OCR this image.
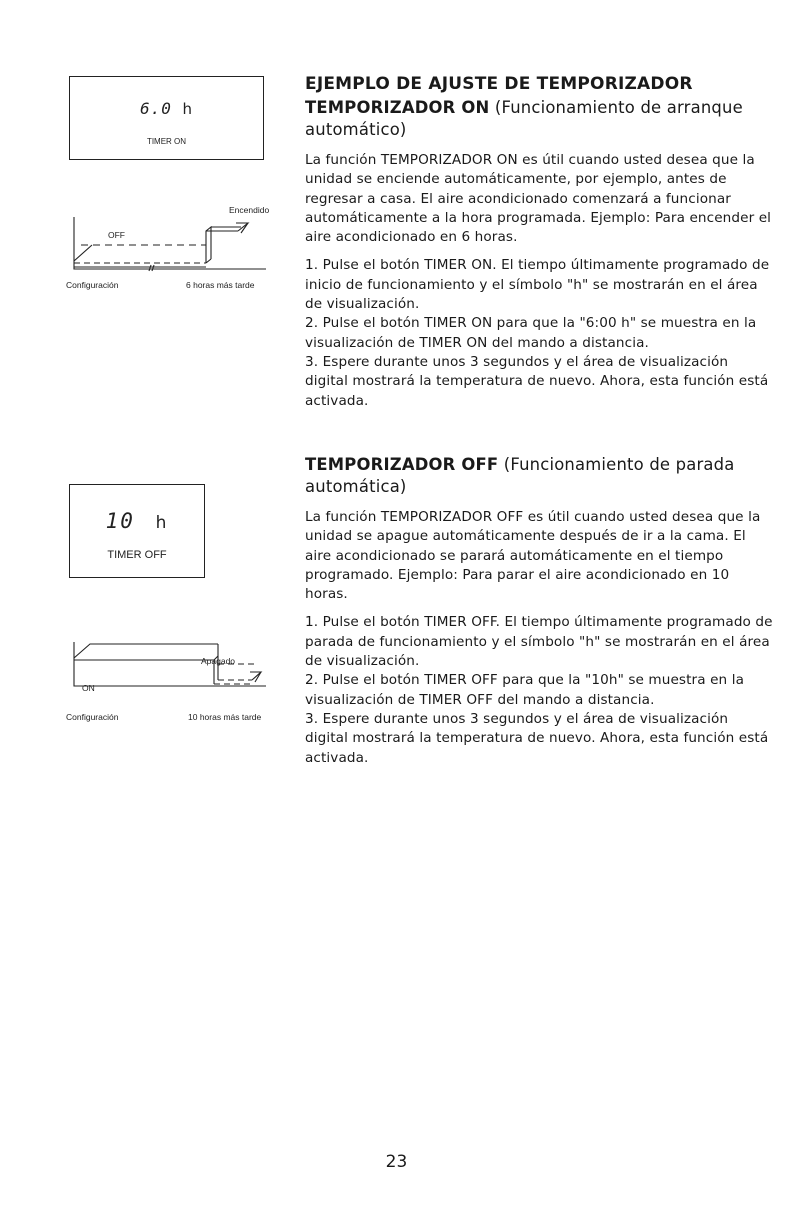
6.0 h
TIMER ON
OFF
Encendido
Configuración	6 horas más tarde
10 h
TIMER OFF
ON
Apagado
Configuración	10 horas más tarde

EJEMPLO DE AJUSTE DE TEMPORIZADOR

TEMPORIZADOR ON (Funcionamiento de arranque automático)

La función TEMPORIZADOR ON es útil cuando usted desea que la unidad se enciende automáticamente, por ejemplo, antes de regresar a casa. El aire acondicionado comenzará a funcionar automáticamente a la hora programada. Ejemplo: Para encender el aire acondicionado en 6 horas.

1. Pulse el botón TIMER ON. El tiempo últimamente programado de inicio de funcionamiento y el símbolo "h" se mostrarán en el área de visualización.

2. Pulse el botón TIMER ON para que la "6:00 h" se muestra en la visualización de TIMER ON del mando a distancia.

3. Espere durante unos 3 segundos y el área de visualización digital mostrará la temperatura de nuevo. Ahora, esta función está activada.

TEMPORIZADOR OFF (Funcionamiento de parada automática)

La función TEMPORIZADOR OFF es útil cuando usted desea que la unidad se apague automáticamente después de ir a la cama. El aire acondicionado se parará automáticamente en el tiempo programado. Ejemplo: Para parar el aire acondicionado en 10 horas.

1. Pulse el botón TIMER OFF. El tiempo últimamente programado de parada de funcionamiento y el símbolo "h" se mostrarán en el área de visualización.

2. Pulse el botón TIMER OFF para que la "10h" se muestra en la visualización de TIMER OFF del mando a distancia.

3. Espere durante unos 3 segundos y el área de visualización digital mostrará la temperatura de nuevo. Ahora, esta función está activada.

23
